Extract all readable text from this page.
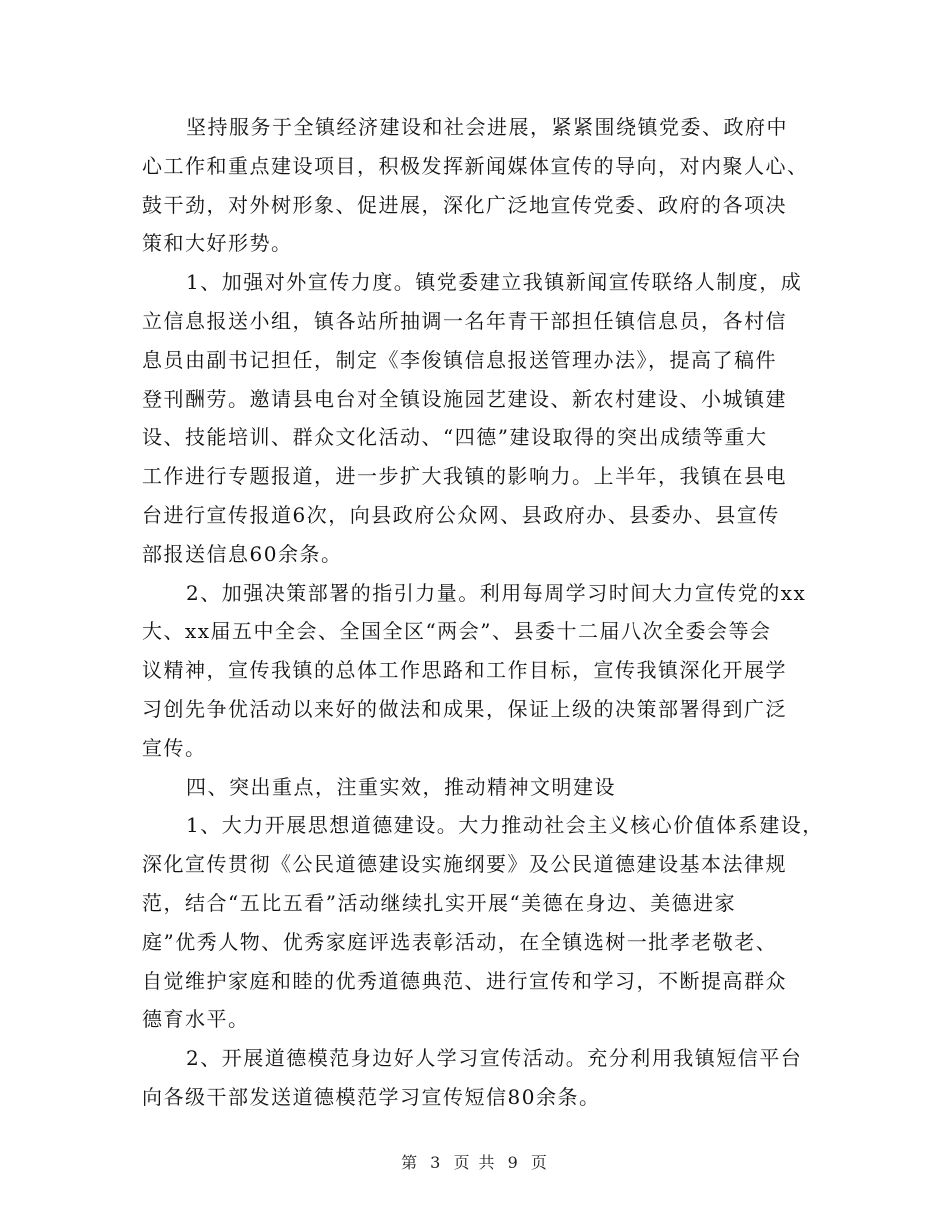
坚持服务于全镇经济建设和社会进展，紧紧围绕镇党委、政府中
心工作和重点建设项目，积极发挥新闻媒体宣传的导向，对内聚人心、
鼓干劲，对外树形象、促进展，深化广泛地宣传党委、政府的各项决
策和大好形势。
1、加强对外宣传力度。镇党委建立我镇新闻宣传联络人制度，成
立信息报送小组，镇各站所抽调一名年青干部担任镇信息员，各村信
息员由副书记担任，制定《李俊镇信息报送管理办法》，提高了稿件
登刊酬劳。邀请县电台对全镇设施园艺建设、新农村建设、小城镇建
设、技能培训、群众文化活动、“四德”建设取得的突出成绩等重大
工作进行专题报道，进一步扩大我镇的影响力。上半年，我镇在县电
台进行宣传报道6次，向县政府公众网、县政府办、县委办、县宣传
部报送信息60余条。
2、加强决策部署的指引力量。利用每周学习时间大力宣传党的xx
大、xx届五中全会、全国全区“两会”、县委十二届八次全委会等会
议精神，宣传我镇的总体工作思路和工作目标，宣传我镇深化开展学
习创先争优活动以来好的做法和成果，保证上级的决策部署得到广泛
宣传。
四、突出重点，注重实效，推动精神文明建设
1、大力开展思想道德建设。大力推动社会主义核心价值体系建设，
深化宣传贯彻《公民道德建设实施纲要》及公民道德建设基本法律规
范，结合“五比五看”活动继续扎实开展“美德在身边、美德进家
庭”优秀人物、优秀家庭评选表彰活动，在全镇选树一批孝老敬老、
自觉维护家庭和睦的优秀道德典范、进行宣传和学习，不断提高群众
德育水平。
2、开展道德模范身边好人学习宣传活动。充分利用我镇短信平台
向各级干部发送道德模范学习宣传短信80余条。
第 3 页 共 9 页
